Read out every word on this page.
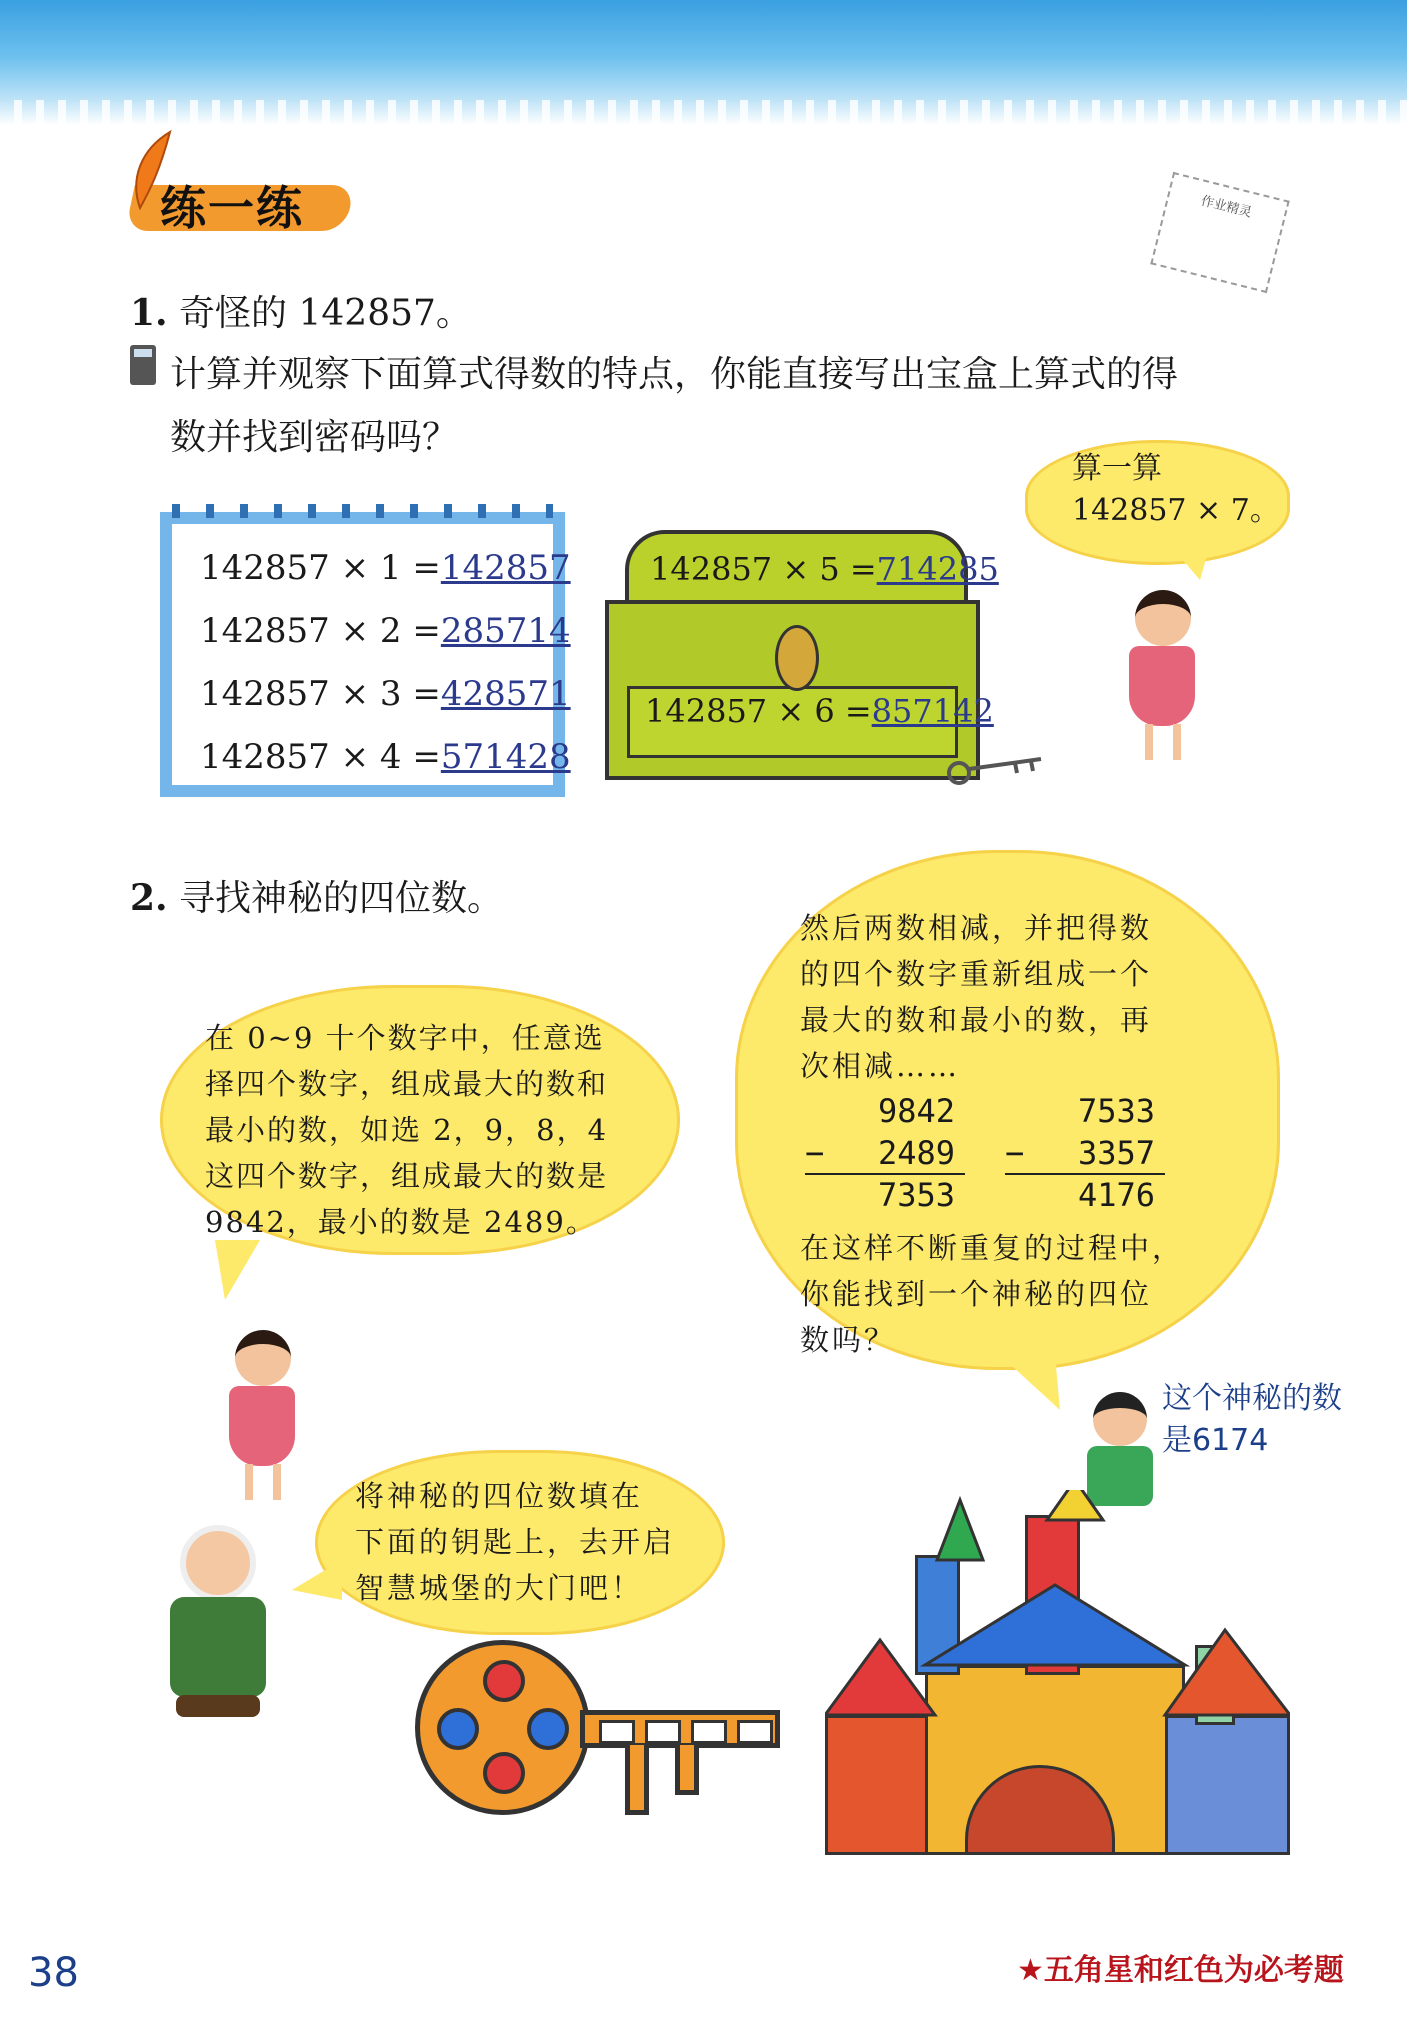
练一练	作业精灵
1. 奇怪的 142857。
计算并观察下面算式得数的特点，你能直接写出宝盒上算式的得
数并找到密码吗？
142857 × 1 =142857
142857 × 2 =285714
142857 × 3 =428571
142857 × 4 =571428
142857 × 5 =714285
142857 × 6 =857142
算一算
142857 × 7。
2. 寻找神秘的四位数。
在 0~9 十个数字中，任意选
择四个数字，组成最大的数和
最小的数，如选 2，9，8，4
这四个数字，组成最大的数是
9842，最小的数是 2489。
然后两数相减，并把得数
的四个数字重新组成一个
最大的数和最小的数，再
次相减……
9842
− 2489
7353
7533
− 3357
4176
在这样不断重复的过程中，
你能找到一个神秘的四位
数吗？
这个神秘的数
是6174
将神秘的四位数填在
下面的钥匙上，去开启
智慧城堡的大门吧！
38	★五角星和红色为必考题
